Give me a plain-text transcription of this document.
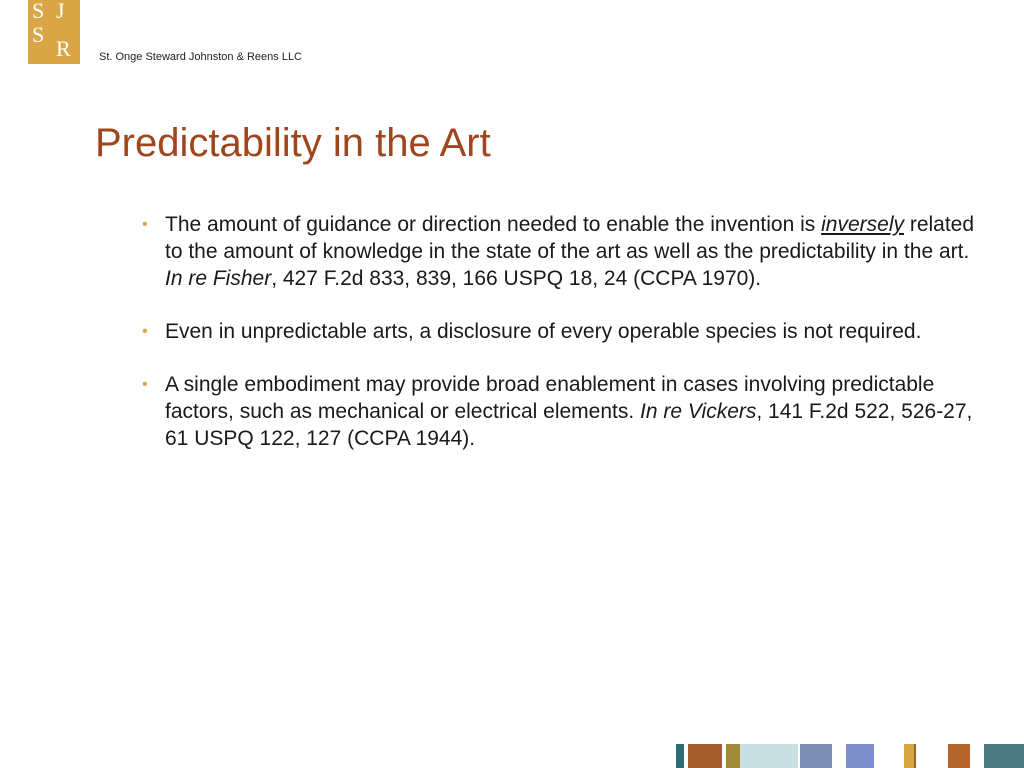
S J
S
R	St. Onge Steward Johnston & Reens LLC
Predictability in the Art
• The amount of guidance or direction needed to enable the invention is inversely related to the amount of knowledge in the state of the art as well as the predictability in the art. In re Fisher, 427 F.2d 833, 839, 166 USPQ 18, 24 (CCPA 1970).
• Even in unpredictable arts, a disclosure of every operable species is not required.
• A single embodiment may provide broad enablement in cases involving predictable factors, such as mechanical or electrical elements. In re Vickers, 141 F.2d 522, 526-27, 61 USPQ 122, 127 (CCPA 1944).
